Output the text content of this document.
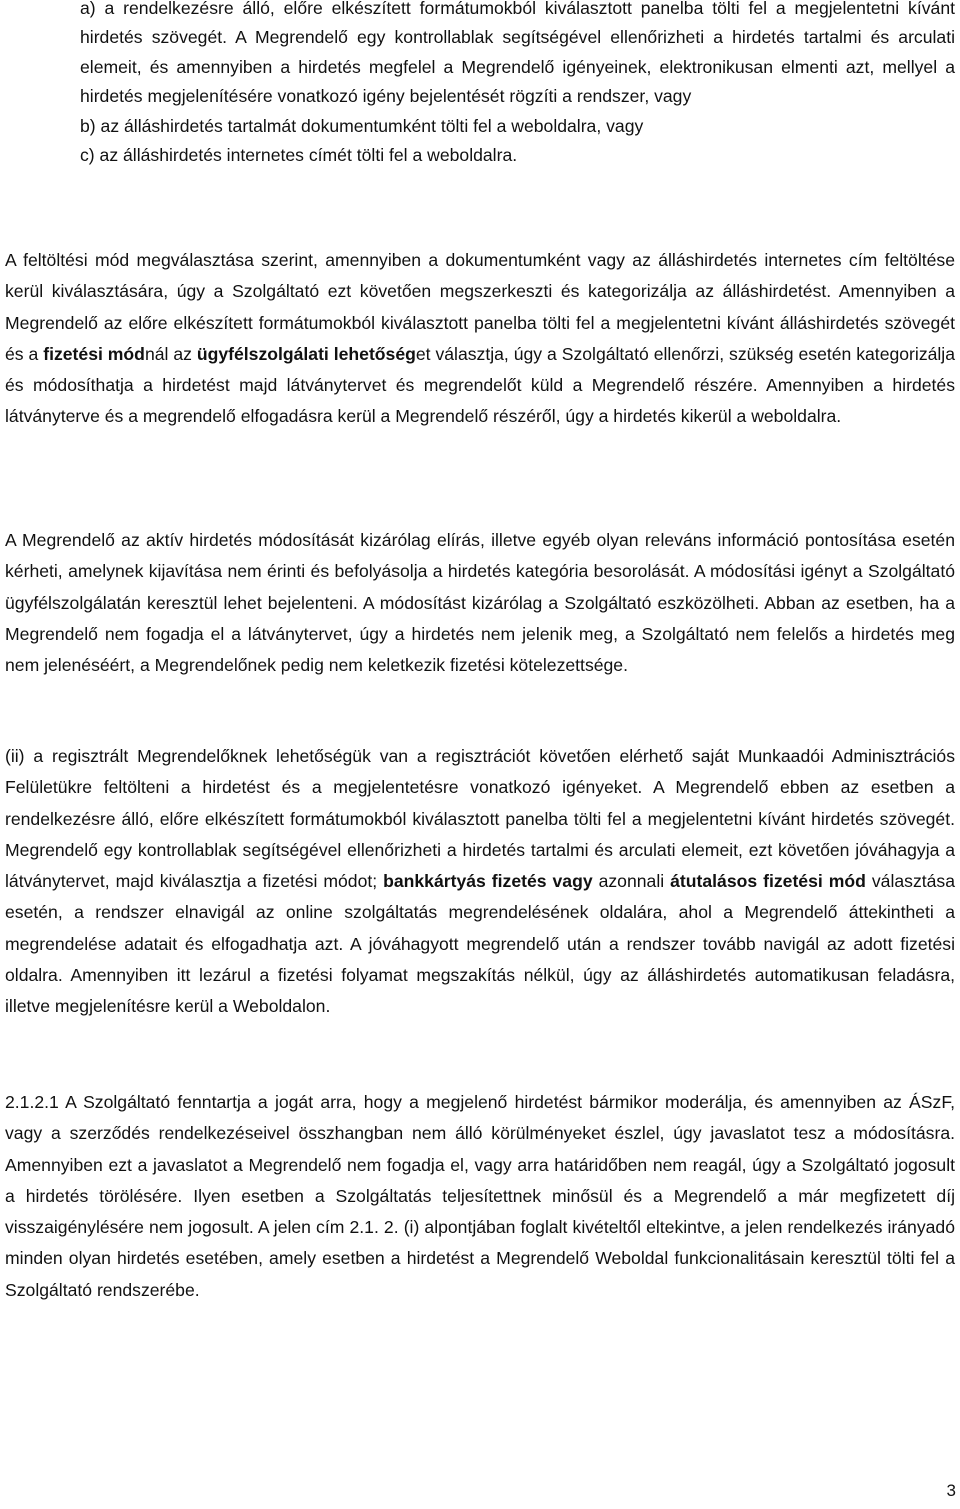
a) a rendelkezésre álló, előre elkészített formátumokból kiválasztott panelba tölti fel a megjelentetni kívánt hirdetés szövegét. A Megrendelő egy kontrollablak segítségével ellenőrizheti a hirdetés tartalmi és arculati elemeit, és amennyiben a hirdetés megfelel a Megrendelő igényeinek, elektronikusan elmenti azt, mellyel a hirdetés megjelenítésére vonatkozó igény bejelentését rögzíti a rendszer, vagy

b) az álláshirdetés tartalmát dokumentumként tölti fel a weboldalra, vagy

c) az álláshirdetés internetes címét tölti fel a weboldalra.

A feltöltési mód megválasztása szerint, amennyiben a dokumentumként vagy az álláshirdetés internetes cím feltöltése kerül kiválasztására, úgy a Szolgáltató ezt követően megszerkeszti és kategorizálja az álláshirdetést. Amennyiben a Megrendelő az előre elkészített formátumokból kiválasztott panelba tölti fel a megjelentetni kívánt álláshirdetés szövegét és a fizetési módnál az ügyfélszolgálati lehetőséget választja, úgy a Szolgáltató ellenőrzi, szükség esetén kategorizálja és módosíthatja a hirdetést majd látványtervet és megrendelőt küld a Megrendelő részére. Amennyiben a hirdetés látványterve és a megrendelő elfogadásra kerül a Megrendelő részéről, úgy a hirdetés kikerül a weboldalra.

A Megrendelő az aktív hirdetés módosítását kizárólag elírás, illetve egyéb olyan releváns információ pontosítása esetén kérheti, amelynek kijavítása nem érinti és befolyásolja a hirdetés kategória besorolását. A módosítási igényt a Szolgáltató ügyfélszolgálatán keresztül lehet bejelenteni. A módosítást kizárólag a Szolgáltató eszközölheti. Abban az esetben, ha a Megrendelő nem fogadja el a látványtervet, úgy a hirdetés nem jelenik meg, a Szolgáltató nem felelős a hirdetés meg nem jelenéséért, a Megrendelőnek pedig nem keletkezik fizetési kötelezettsége.

(ii) a regisztrált Megrendelőknek lehetőségük van a regisztrációt követően elérhető saját Munkaadói Adminisztrációs Felületükre feltölteni a hirdetést és a megjelentetésre vonatkozó igényeket. A Megrendelő ebben az esetben a rendelkezésre álló, előre elkészített formátumokból kiválasztott panelba tölti fel a megjelentetni kívánt hirdetés szövegét. Megrendelő egy kontrollablak segítségével ellenőrizheti a hirdetés tartalmi és arculati elemeit, ezt követően jóváhagyja a látványtervet, majd kiválasztja a fizetési módot; bankkártyás fizetés vagy azonnali átutalásos fizetési mód választása esetén, a rendszer elnavigál az online szolgáltatás megrendelésének oldalára, ahol a Megrendelő áttekintheti a megrendelése adatait és elfogadhatja azt. A jóváhagyott megrendelő után a rendszer tovább navigál az adott fizetési oldalra. Amennyiben itt lezárul a fizetési folyamat megszakítás nélkül, úgy az álláshirdetés automatikusan feladásra, illetve megjelenítésre kerül a Weboldalon.

2.1.2.1 A Szolgáltató fenntartja a jogát arra, hogy a megjelenő hirdetést bármikor moderálja, és amennyiben az ÁSzF, vagy a szerződés rendelkezéseivel összhangban nem álló körülményeket észlel, úgy javaslatot tesz a módosításra. Amennyiben ezt a javaslatot a Megrendelő nem fogadja el, vagy arra határidőben nem reagál, úgy a Szolgáltató jogosult a hirdetés törölésére. Ilyen esetben a Szolgáltatás teljesítettnek minősül és a Megrendelő a már megfizetett díj visszaigénylésére nem jogosult. A jelen cím 2.1. 2. (i) alpontjában foglalt kivételtől eltekintve, a jelen rendelkezés irányadó minden olyan hirdetés esetében, amely esetben a hirdetést a Megrendelő Weboldal funkcionalitásain keresztül tölti fel a Szolgáltató rendszerébe.

3
